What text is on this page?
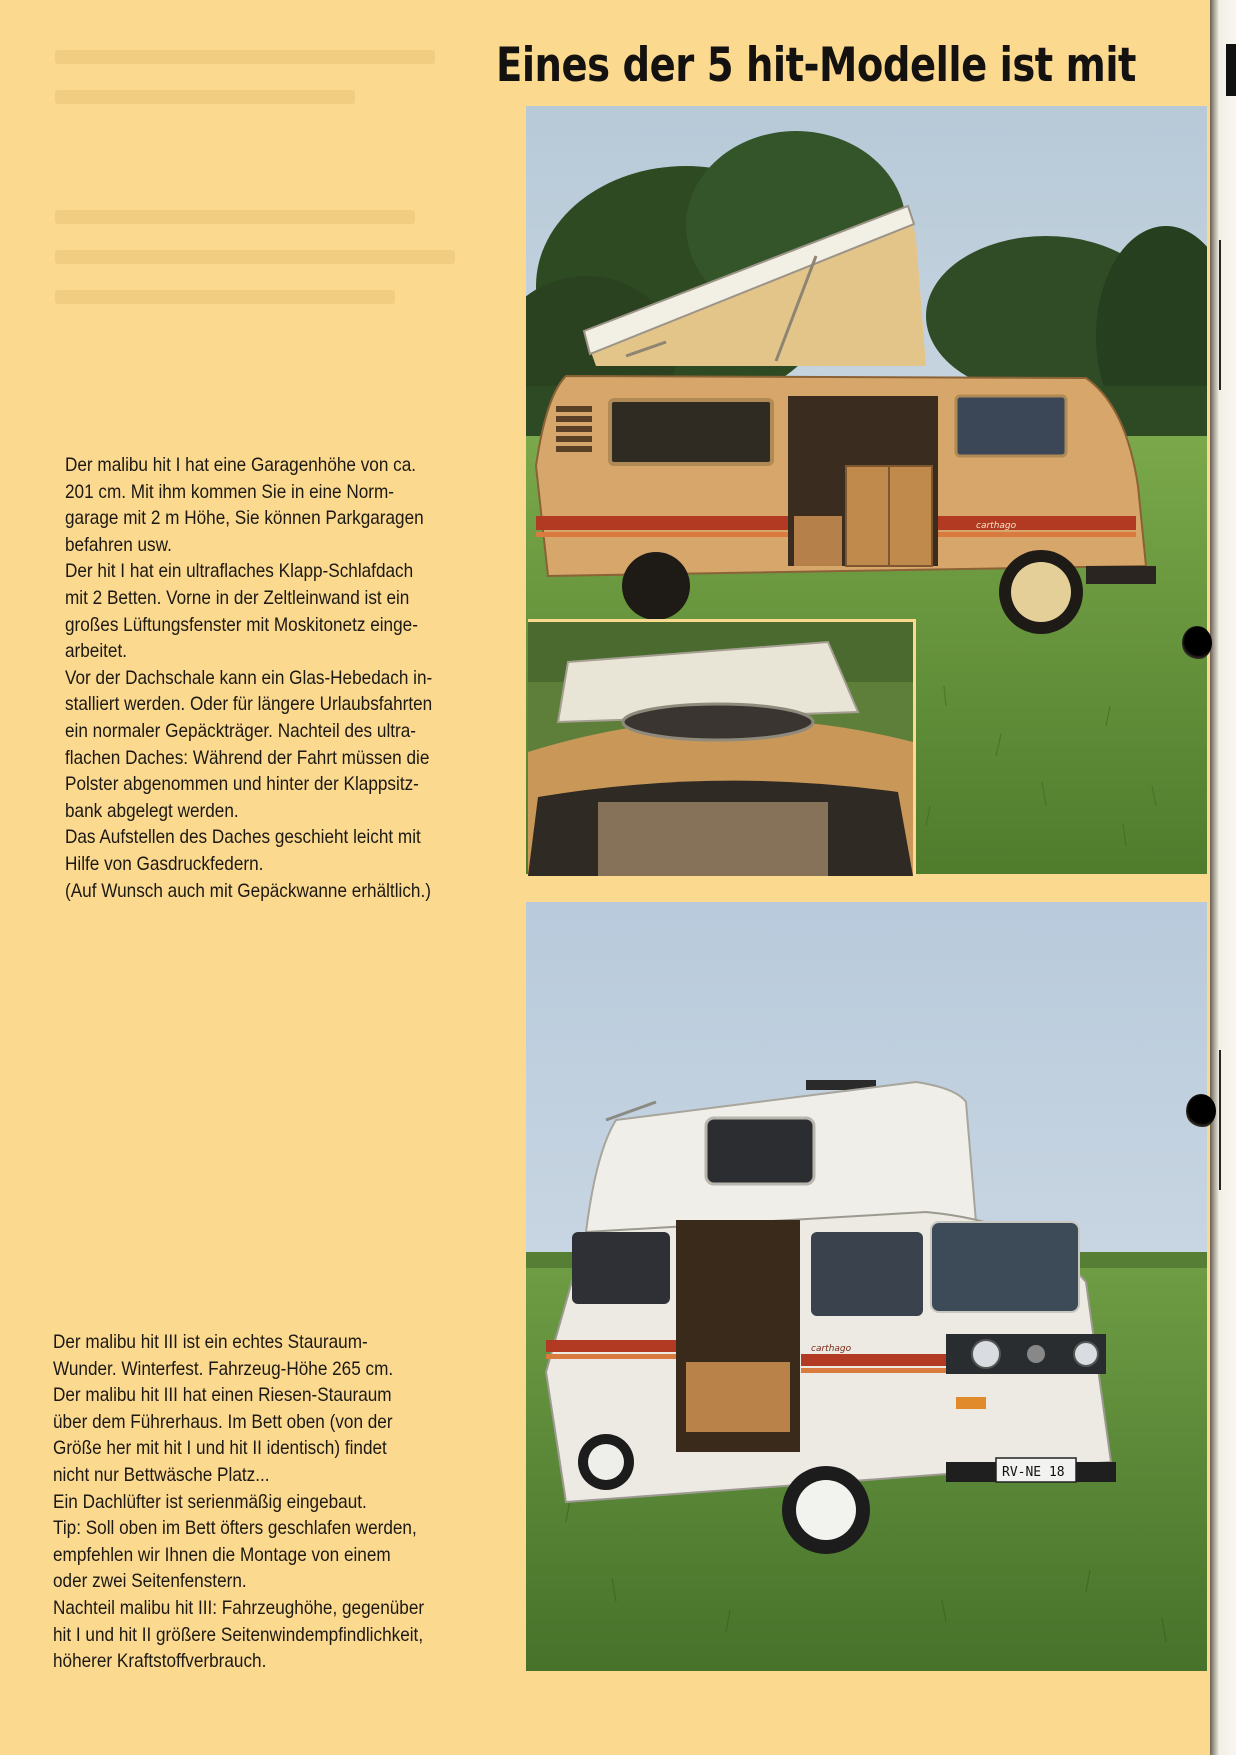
Eines der 5 hit-Modelle ist mit
Der malibu hit I hat eine Garagenhöhe von ca.
201 cm. Mit ihm kommen Sie in eine Norm-
garage mit 2 m Höhe, Sie können Parkgaragen
befahren usw.
Der hit I hat ein ultraflaches Klapp-Schlafdach
mit 2 Betten. Vorne in der Zeltleinwand ist ein
großes Lüftungsfenster mit Moskitonetz einge-
arbeitet.
Vor der Dachschale kann ein Glas-Hebedach in-
stalliert werden. Oder für längere Urlaubsfahrten
ein normaler Gepäckträger. Nachteil des ultra-
flachen Daches: Während der Fahrt müssen die
Polster abgenommen und hinter der Klappsitz-
bank abgelegt werden.
Das Aufstellen des Daches geschieht leicht mit
Hilfe von Gasdruckfedern.
(Auf Wunsch auch mit Gepäckwanne erhältlich.)
Der malibu hit III ist ein echtes Stauraum-
Wunder. Winterfest. Fahrzeug-Höhe 265 cm.
Der malibu hit III hat einen Riesen-Stauraum
über dem Führerhaus. Im Bett oben (von der
Größe her mit hit I und hit II identisch) findet
nicht nur Bettwäsche Platz...
Ein Dachlüfter ist serienmäßig eingebaut.
Tip: Soll oben im Bett öfters geschlafen werden,
empfehlen wir Ihnen die Montage von einem
oder zwei Seitenfenstern.
Nachteil malibu hit III: Fahrzeughöhe, gegenüber
hit I und hit II größere Seitenwindempfindlichkeit,
höherer Kraftstoffverbrauch.
carthago
carthago
RV-NE 18
